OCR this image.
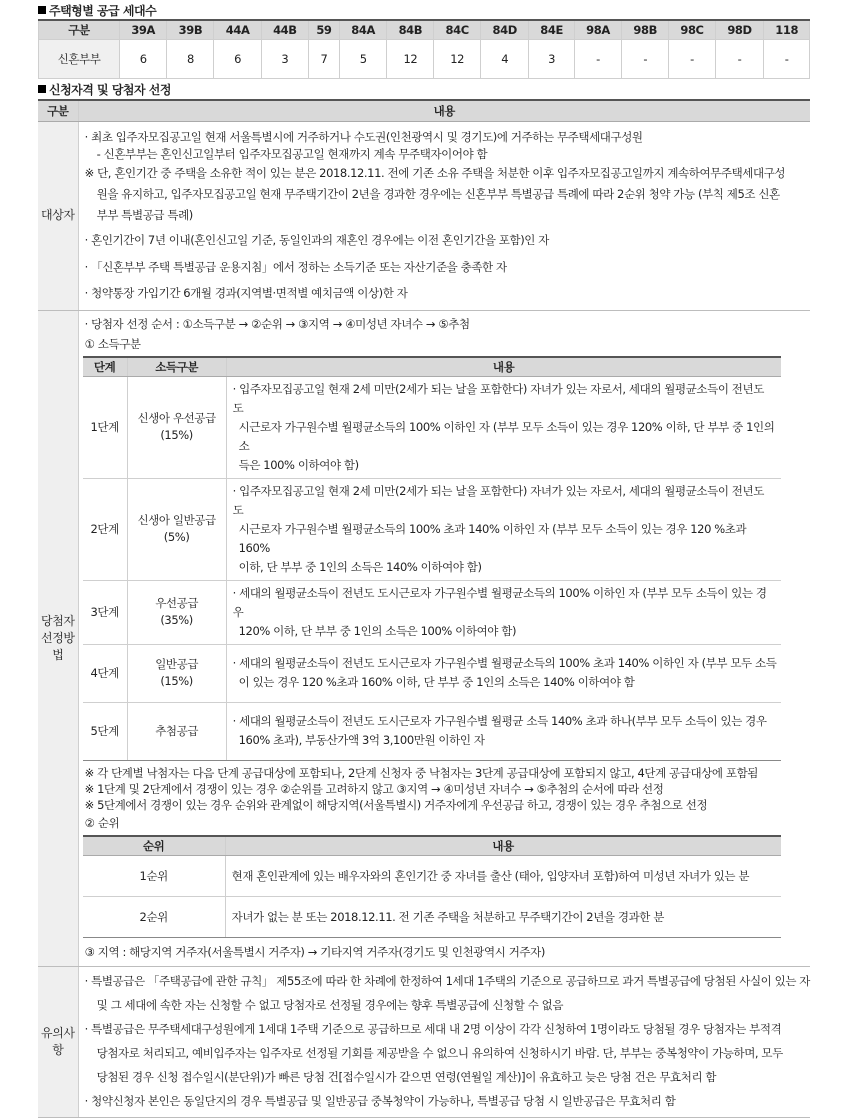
주택형별 공급 세대수
구분	39A	39B	44A	44B	59	84A	84B	84C	84D	84E	98A	98B	98C	98D	118
신혼부부	6	8	6	3	7	5	12	12	4	3	-	-	-	-	-
신청자격 및 당첨자 선정
구분	내용
대상자	
· 최초 입주자모집공고일 현재 서울특별시에 거주하거나 수도권(인천광역시 및 경기도)에 거주하는 무주택세대구성원
- 신혼부부는 혼인신고일부터 입주자모집공고일 현재까지 계속 무주택자이어야 함
※ 단, 혼인기간 중 주택을 소유한 적이 있는 분은 2018.12.11. 전에 기존 소유 주택을 처분한 이후 입주자모집공고일까지 계속하여무주택세대구성
원을 유지하고, 입주자모집공고일 현재 무주택기간이 2년을 경과한 경우에는 신혼부부 특별공급 특례에 따라 2순위 청약 가능 (부칙 제5조 신혼
부부 특별공급 특례)
· 혼인기간이 7년 이내(혼인신고일 기준, 동일인과의 재혼인 경우에는 이전 혼인기간을 포함)인 자
· 「신혼부부 주택 특별공급 운용지침」에서 정하는 소득기준 또는 자산기준을 충족한 자
· 청약통장 가입기간 6개월 경과(지역별·면적별 예치금액 이상)한 자

당첨자
선정방법	
· 당첨자 선정 순서 : ①소득구분 → ②순위 → ③지역 → ④미성년 자녀수 → ⑤추첨
① 소득구분
단계	소득구분	내용
1단계	신생아 우선공급
(15%)	
· 입주자모집공고일 현재 2세 미만(2세가 되는 날을 포함한다) 자녀가 있는 자로서, 세대의 월평균소득이 전년도 도
시근로자 가구원수별 월평균소득의 100% 이하인 자 (부부 모두 소득이 있는 경우 120% 이하, 단 부부 중 1인의 소
득은 100% 이하여야 함)

2단계	신생아 일반공급
(5%)	
· 입주자모집공고일 현재 2세 미만(2세가 되는 날을 포함한다) 자녀가 있는 자로서, 세대의 월평균소득이 전년도 도
시근로자 가구원수별 월평균소득의 100% 초과 140% 이하인 자 (부부 모두 소득이 있는 경우 120 %초과 160%
이하, 단 부부 중 1인의 소득은 140% 이하여야 함)

3단계	우선공급
(35%)	
· 세대의 월평균소득이 전년도 도시근로자 가구원수별 월평균소득의 100% 이하인 자 (부부 모두 소득이 있는 경우
120% 이하, 단 부부 중 1인의 소득은 100% 이하여야 함)

4단계	일반공급
(15%)	
· 세대의 월평균소득이 전년도 도시근로자 가구원수별 월평균소득의 100% 초과 140% 이하인 자 (부부 모두 소득
이 있는 경우 120 %초과 160% 이하, 단 부부 중 1인의 소득은 140% 이하여야 함

5단계	추첨공급	
· 세대의 월평균소득이 전년도 도시근로자 가구원수별 월평균 소득 140% 초과 하나(부부 모두 소득이 있는 경우
160% 초과), 부동산가액 3억 3,100만원 이하인 자
※ 각 단계별 낙첨자는 다음 단계 공급대상에 포함되나, 2단계 신청자 중 낙첨자는 3단계 공급대상에 포함되지 않고, 4단계 공급대상에 포함됨
※ 1단계 및 2단계에서 경쟁이 있는 경우 ②순위를 고려하지 않고 ③지역 → ④미성년 자녀수 → ⑤추첨의 순서에 따라 선정
※ 5단계에서 경쟁이 있는 경우 순위와 관계없이 해당지역(서울특별시) 거주자에게 우선공급 하고, 경쟁이 있는 경우 추첨으로 선정
② 순위
순위	내용
1순위	현재 혼인관계에 있는 배우자와의 혼인기간 중 자녀를 출산 (태아, 입양자녀 포함)하여 미성년 자녀가 있는 분
2순위	자녀가 없는 분 또는 2018.12.11. 전 기존 주택을 처분하고 무주택기간이 2년을 경과한 분
③ 지역 : 해당지역 거주자(서울특별시 거주자) → 기타지역 거주자(경기도 및 인천광역시 거주자)

유의사항	
· 특별공급은 「주택공급에 관한 규칙」 제55조에 따라 한 차례에 한정하여 1세대 1주택의 기준으로 공급하므로 과거 특별공급에 당첨된 사실이 있는 자
및 그 세대에 속한 자는 신청할 수 없고 당첨자로 선정될 경우에는 향후 특별공급에 신청할 수 없음
· 특별공급은 무주택세대구성원에게 1세대 1주택 기준으로 공급하므로 세대 내 2명 이상이 각각 신청하여 1명이라도 당첨될 경우 당첨자는 부적격
당첨자로 처리되고, 예비입주자는 입주자로 선정될 기회를 제공받을 수 없으니 유의하여 신청하시기 바람. 단, 부부는 중복청약이 가능하며, 모두
당첨된 경우 신청 접수일시(분단위)가 빠른 당첨 건[접수일시가 같으면 연령(연월일 계산)]이 유효하고 늦은 당첨 건은 무효처리 함
· 청약신청자 본인은 동일단지의 경우 특별공급 및 일반공급 중복청약이 가능하나, 특별공급 당첨 시 일반공급은 무효처리 함
